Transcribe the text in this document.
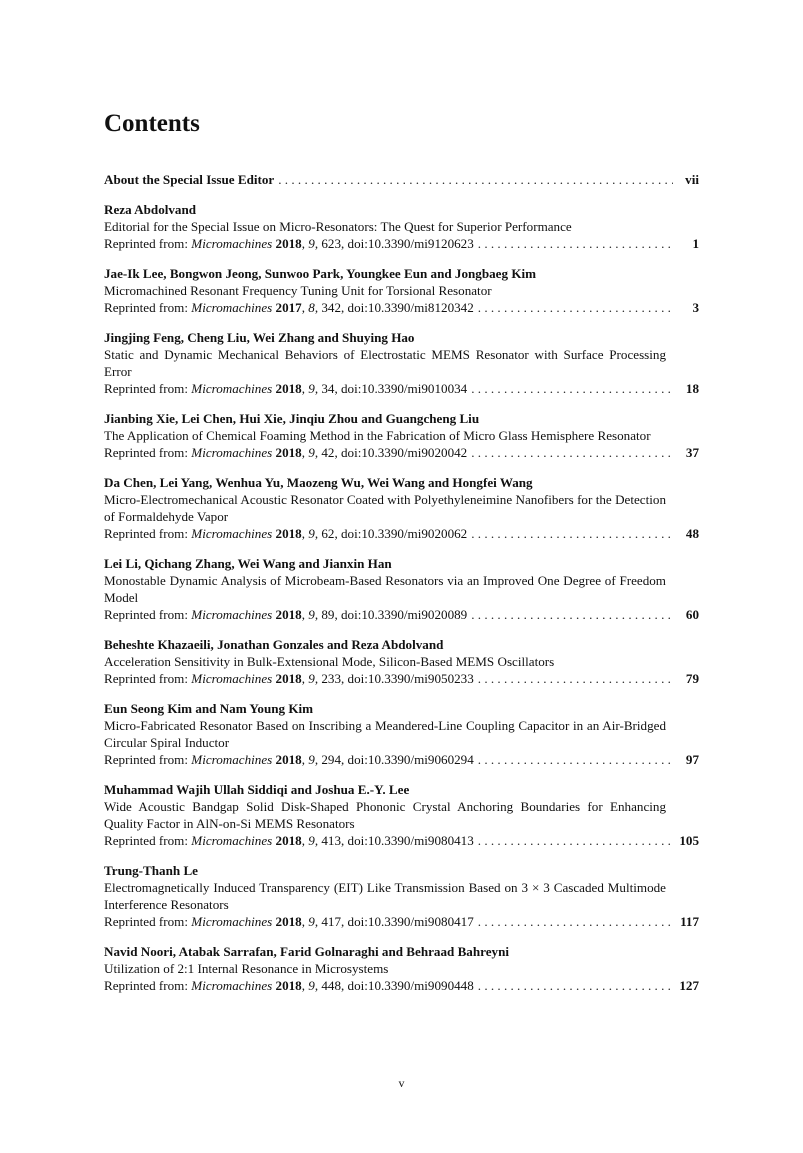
Contents
About the Special Issue Editor . . .	vii
Reza Abdolvand
Editorial for the Special Issue on Micro-Resonators: The Quest for Superior Performance
Reprinted from: Micromachines 2018, 9, 623, doi:10.3390/mi9120623 . . .	1
Jae-Ik Lee, Bongwon Jeong, Sunwoo Park, Youngkee Eun and Jongbaeg Kim
Micromachined Resonant Frequency Tuning Unit for Torsional Resonator
Reprinted from: Micromachines 2017, 8, 342, doi:10.3390/mi8120342 . . .	3
Jingjing Feng, Cheng Liu, Wei Zhang and Shuying Hao
Static and Dynamic Mechanical Behaviors of Electrostatic MEMS Resonator with Surface Processing Error
Reprinted from: Micromachines 2018, 9, 34, doi:10.3390/mi9010034 . . .	18
Jianbing Xie, Lei Chen, Hui Xie, Jinqiu Zhou and Guangcheng Liu
The Application of Chemical Foaming Method in the Fabrication of Micro Glass Hemisphere Resonator
Reprinted from: Micromachines 2018, 9, 42, doi:10.3390/mi9020042 . . .	37
Da Chen, Lei Yang, Wenhua Yu, Maozeng Wu, Wei Wang and Hongfei Wang
Micro-Electromechanical Acoustic Resonator Coated with Polyethyleneimine Nanofibers for the Detection of Formaldehyde Vapor
Reprinted from: Micromachines 2018, 9, 62, doi:10.3390/mi9020062 . . .	48
Lei Li, Qichang Zhang, Wei Wang and Jianxin Han
Monostable Dynamic Analysis of Microbeam-Based Resonators via an Improved One Degree of Freedom Model
Reprinted from: Micromachines 2018, 9, 89, doi:10.3390/mi9020089 . . .	60
Beheshte Khazaeili, Jonathan Gonzales and Reza Abdolvand
Acceleration Sensitivity in Bulk-Extensional Mode, Silicon-Based MEMS Oscillators
Reprinted from: Micromachines 2018, 9, 233, doi:10.3390/mi9050233 . . .	79
Eun Seong Kim and Nam Young Kim
Micro-Fabricated Resonator Based on Inscribing a Meandered-Line Coupling Capacitor in an Air-Bridged Circular Spiral Inductor
Reprinted from: Micromachines 2018, 9, 294, doi:10.3390/mi9060294 . . .	97
Muhammad Wajih Ullah Siddiqi and Joshua E.-Y. Lee
Wide Acoustic Bandgap Solid Disk-Shaped Phononic Crystal Anchoring Boundaries for Enhancing Quality Factor in AlN-on-Si MEMS Resonators
Reprinted from: Micromachines 2018, 9, 413, doi:10.3390/mi9080413 . . .	105
Trung-Thanh Le
Electromagnetically Induced Transparency (EIT) Like Transmission Based on 3 × 3 Cascaded Multimode Interference Resonators
Reprinted from: Micromachines 2018, 9, 417, doi:10.3390/mi9080417 . . .	117
Navid Noori, Atabak Sarrafan, Farid Golnaraghi and Behraad Bahreyni
Utilization of 2:1 Internal Resonance in Microsystems
Reprinted from: Micromachines 2018, 9, 448, doi:10.3390/mi9090448 . . .	127
v
